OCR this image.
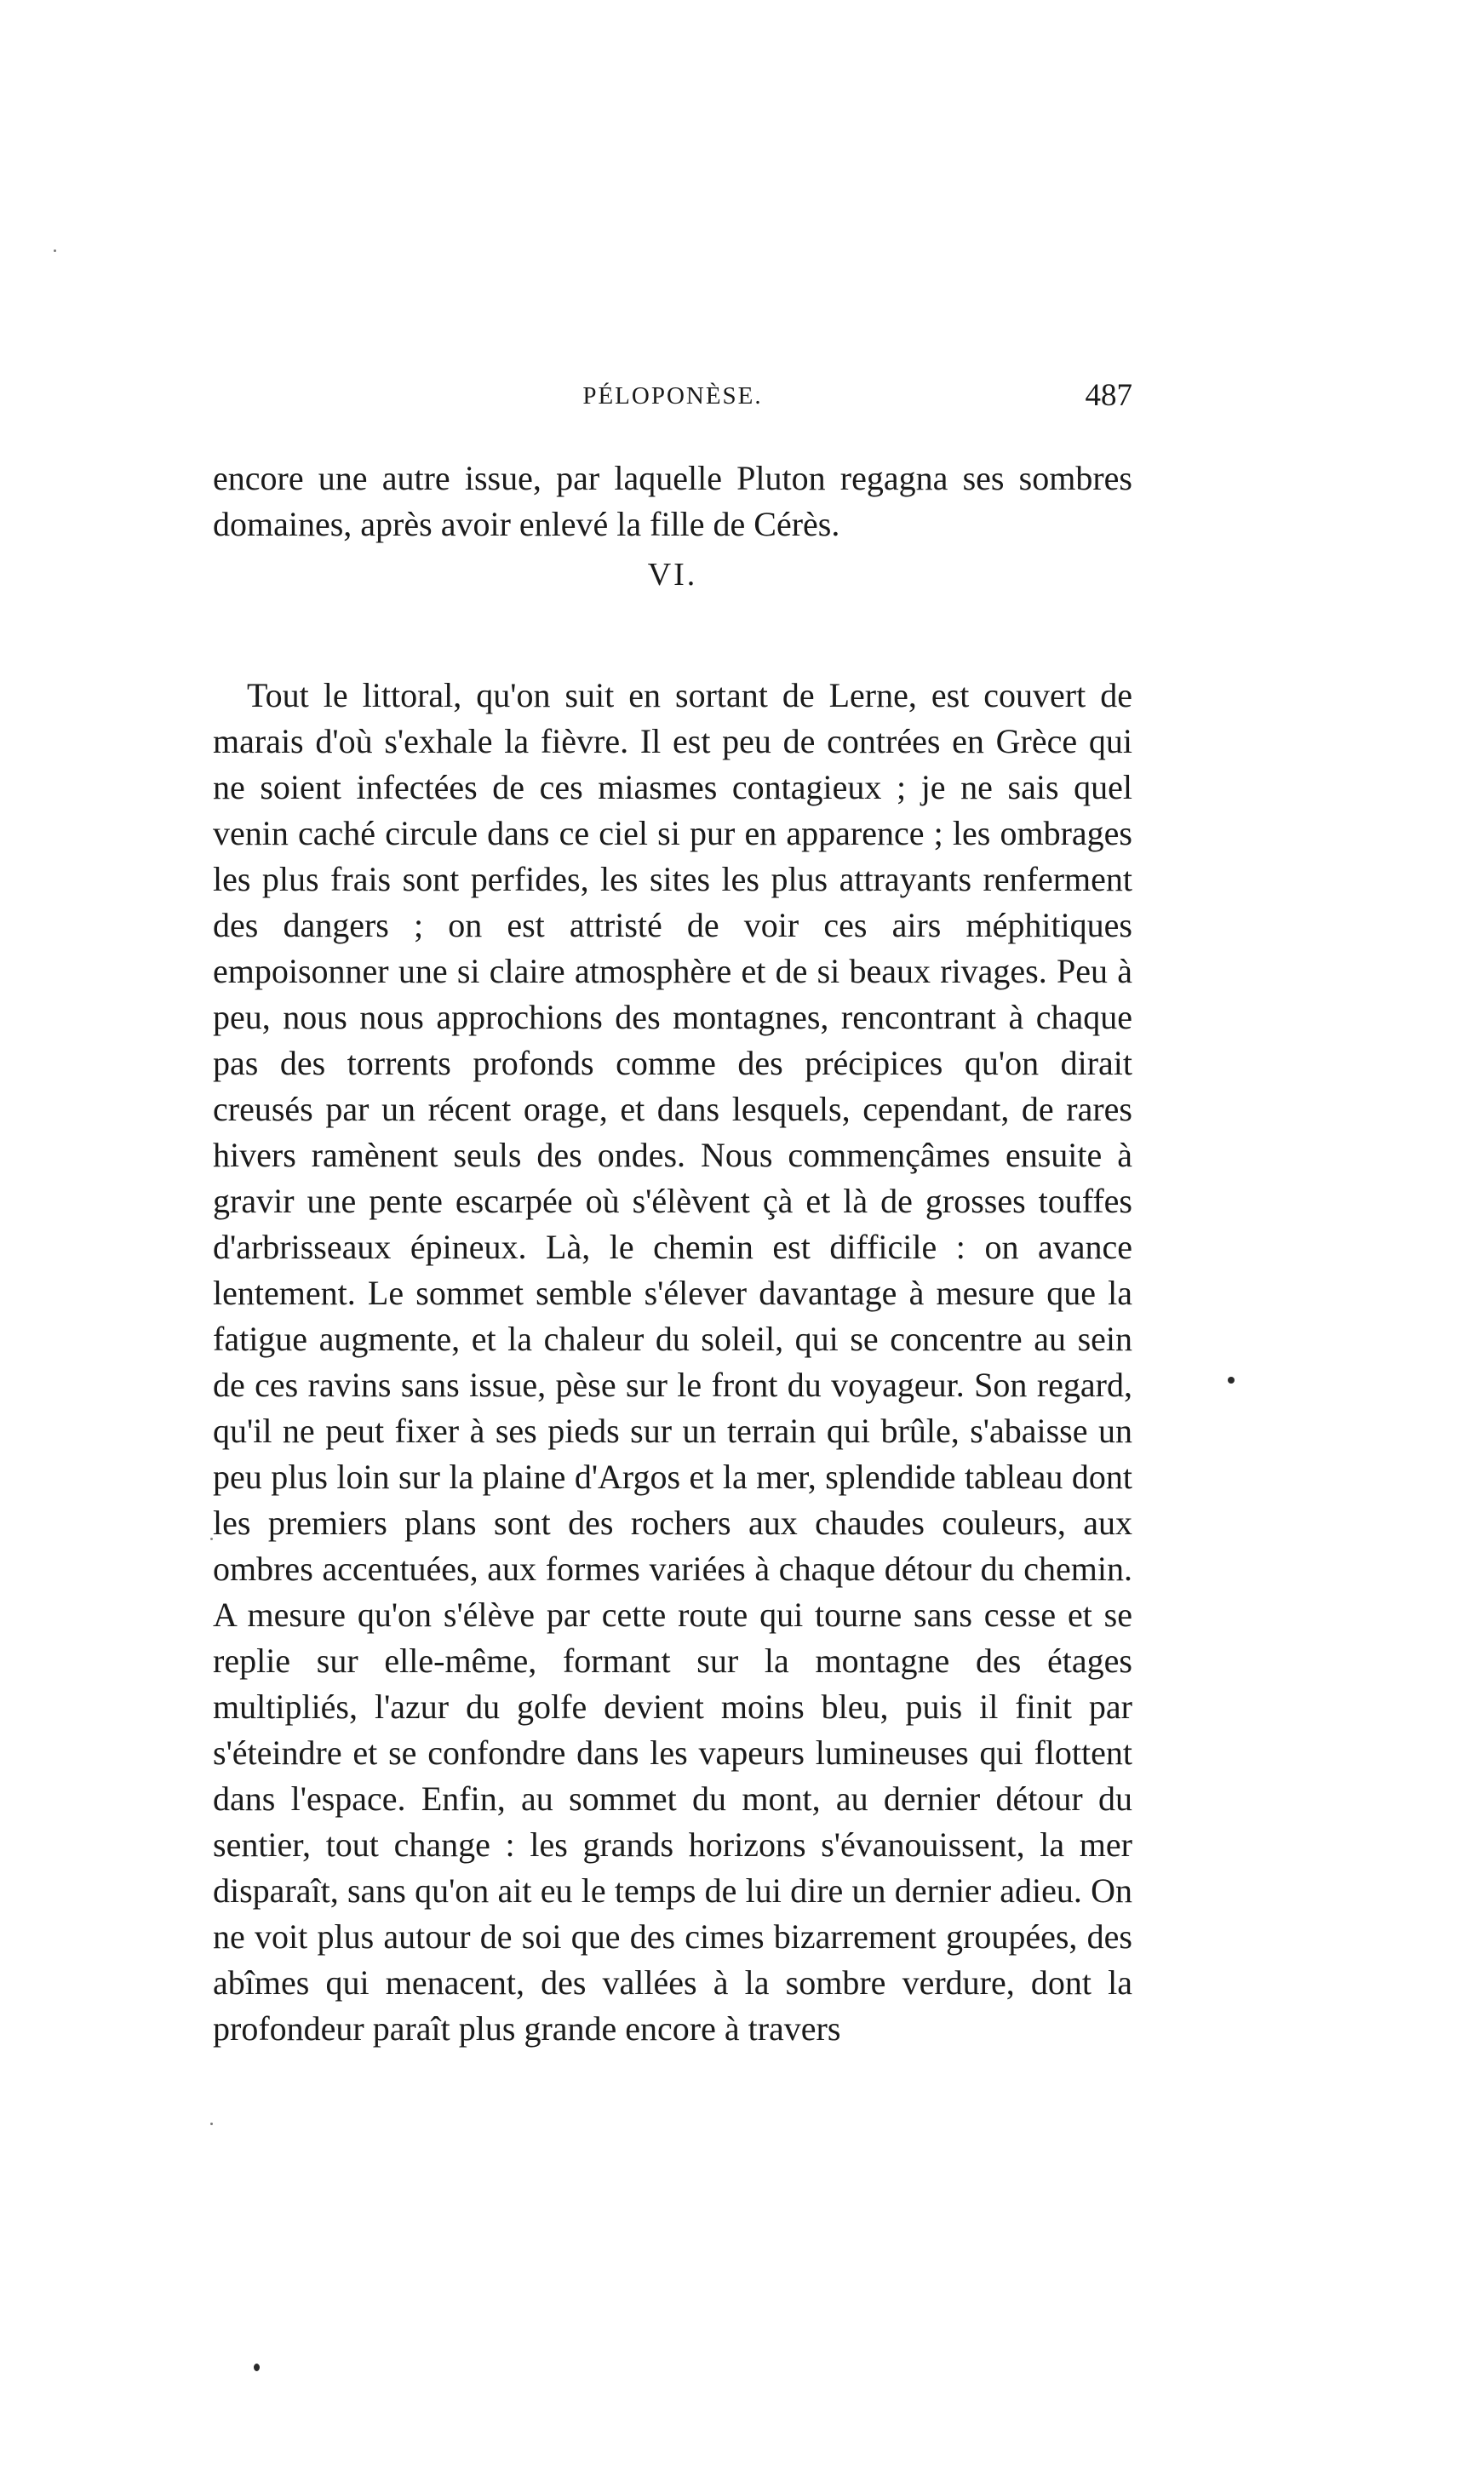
PÉLOPONÈSE.	487

encore une autre issue, par laquelle Pluton regagna ses sombres domaines, après avoir enlevé la fille de Cérès.

VI.

Tout le littoral, qu'on suit en sortant de Lerne, est couvert de marais d'où s'exhale la fièvre. Il est peu de contrées en Grèce qui ne soient infectées de ces miasmes contagieux ; je ne sais quel venin caché circule dans ce ciel si pur en apparence ; les ombrages les plus frais sont perfides, les sites les plus attrayants renferment des dangers ; on est attristé de voir ces airs méphitiques empoisonner une si claire atmosphère et de si beaux rivages. Peu à peu, nous nous approchions des montagnes, rencontrant à chaque pas des torrents profonds comme des précipices qu'on dirait creusés par un récent orage, et dans lesquels, cependant, de rares hivers ramènent seuls des ondes. Nous commençâmes ensuite à gravir une pente escarpée où s'élèvent çà et là de grosses touffes d'arbrisseaux épineux. Là, le chemin est difficile : on avance lentement. Le sommet semble s'élever davantage à mesure que la fatigue augmente, et la chaleur du soleil, qui se concentre au sein de ces ravins sans issue, pèse sur le front du voyageur. Son regard, qu'il ne peut fixer à ses pieds sur un terrain qui brûle, s'abaisse un peu plus loin sur la plaine d'Argos et la mer, splendide tableau dont les premiers plans sont des rochers aux chaudes couleurs, aux ombres accentuées, aux formes variées à chaque détour du chemin. A mesure qu'on s'élève par cette route qui tourne sans cesse et se replie sur elle-même, formant sur la montagne des étages multipliés, l'azur du golfe devient moins bleu, puis il finit par s'éteindre et se confondre dans les vapeurs lumineuses qui flottent dans l'espace. Enfin, au sommet du mont, au dernier détour du sentier, tout change : les grands horizons s'évanouissent, la mer disparaît, sans qu'on ait eu le temps de lui dire un dernier adieu. On ne voit plus autour de soi que des cimes bizarrement groupées, des abîmes qui menacent, des vallées à la sombre verdure, dont la profondeur paraît plus grande encore à travers
